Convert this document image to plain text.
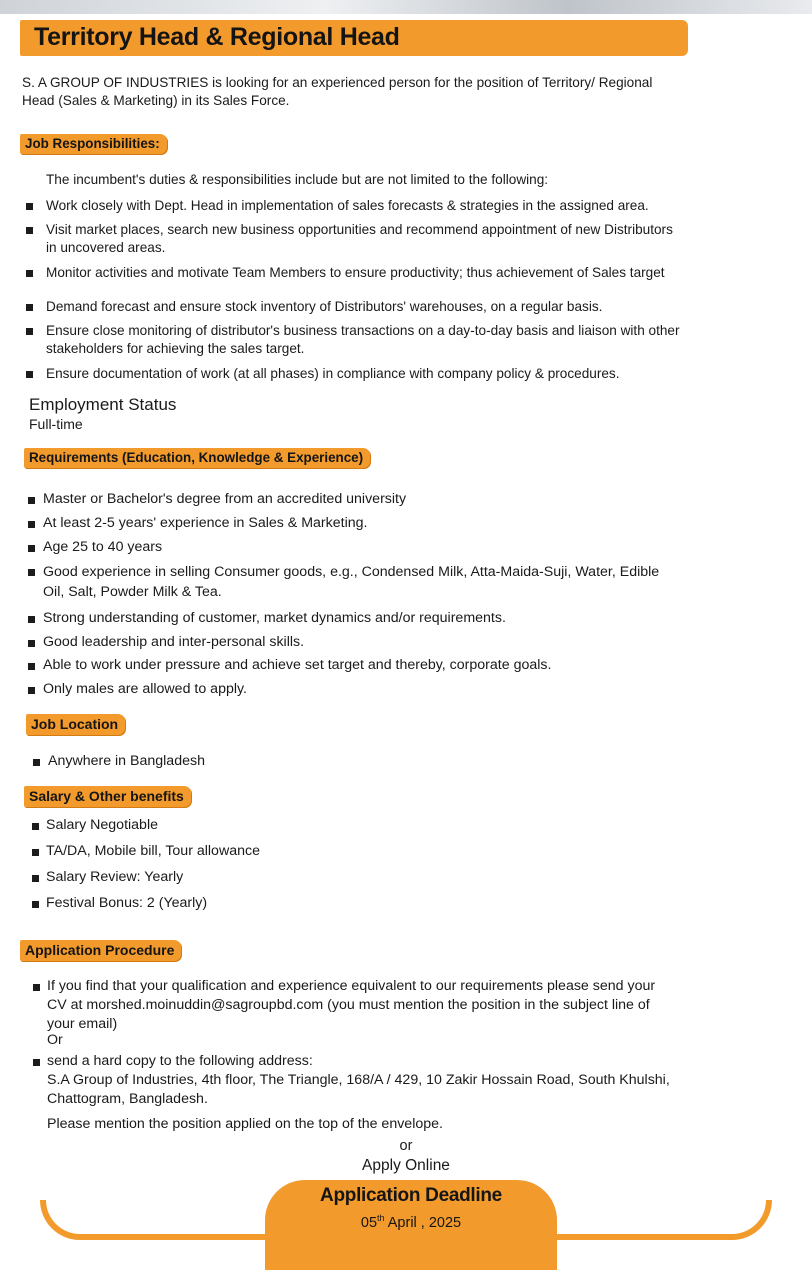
Territory Head & Regional Head
S. A GROUP OF INDUSTRIES is looking for an experienced person for the position of Territory/ Regional
Head (Sales & Marketing) in its Sales Force.
Job Responsibilities:
The incumbent's duties & responsibilities include but are not limited to the following:
Work closely with Dept. Head in implementation of sales forecasts & strategies in the assigned area.
Visit market places, search new business opportunities and recommend appointment of new Distributors
in uncovered areas.
Monitor activities and motivate Team Members to ensure productivity; thus achievement of Sales target
Demand forecast and ensure stock inventory of Distributors' warehouses, on a regular basis.
Ensure close monitoring of distributor's business transactions on a day-to-day basis and liaison with other
stakeholders for achieving the sales target.
Ensure documentation of work (at all phases) in compliance with company policy & procedures.
Employment Status
Full-time
Requirements (Education, Knowledge & Experience)
Master or Bachelor's degree from an accredited university
At least 2-5 years' experience in Sales & Marketing.
Age 25 to 40 years
Good experience in selling Consumer goods, e.g., Condensed Milk, Atta-Maida-Suji, Water, Edible
Oil, Salt, Powder Milk & Tea.
Strong understanding of customer, market dynamics and/or requirements.
Good leadership and inter-personal skills.
Able to work under pressure and achieve set target and thereby, corporate goals.
Only males are allowed to apply.
Job Location
Anywhere in Bangladesh
Salary & Other benefits
Salary Negotiable
TA/DA, Mobile bill, Tour allowance
Salary Review: Yearly
Festival Bonus: 2 (Yearly)
Application Procedure
If you find that your qualification and experience equivalent to our requirements please send your
CV at morshed.moinuddin@sagroupbd.com (you must mention the position in the subject line of
your email)
Or
send a hard copy to the following address:
S.A Group of Industries, 4th floor, The Triangle, 168/A / 429, 10 Zakir Hossain Road, South Khulshi,
Chattogram, Bangladesh.
Please mention the position applied on the top of the envelope.
or
Apply Online
Application Deadline
05th April , 2025
